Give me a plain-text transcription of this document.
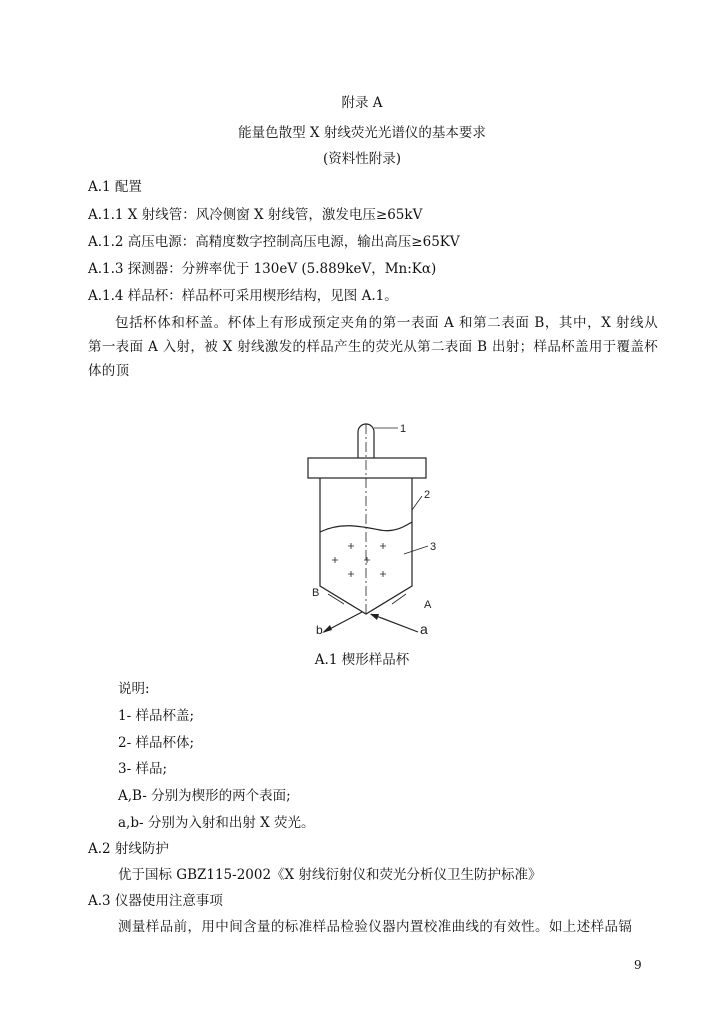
附录 A
能量色散型 X 射线荧光光谱仪的基本要求
(资料性附录)
A.1 配置
A.1.1 X 射线管：风冷侧窗 X 射线管，激发电压≥65kV
A.1.2 高压电源：高精度数字控制高压电源，输出高压≥65KV
A.1.3 探测器：分辨率优于 130eV (5.889keV，Mn:Kα)
A.1.4 样品杯：样品杯可采用楔形结构，见图 A.1。
包括杯体和杯盖。杯体上有形成预定夹角的第一表面 A 和第二表面 B，其中，X 射线从第一表面 A 入射，被 X 射线激发的样品产生的荧光从第二表面 B 出射；样品杯盖用于覆盖杯体的顶
1
2
3
B
A
b	a
A.1 楔形样品杯
说明:
1- 样品杯盖;
2- 样品杯体;
3- 样品;
A,B- 分别为楔形的两个表面;
a,b- 分别为入射和出射 X 荧光。
A.2 射线防护
优于国标 GBZ115-2002《X 射线衍射仪和荧光分析仪卫生防护标准》
A.3 仪器使用注意事项
测量样品前，用中间含量的标准样品检验仪器内置校准曲线的有效性。如上述样品镉
9
